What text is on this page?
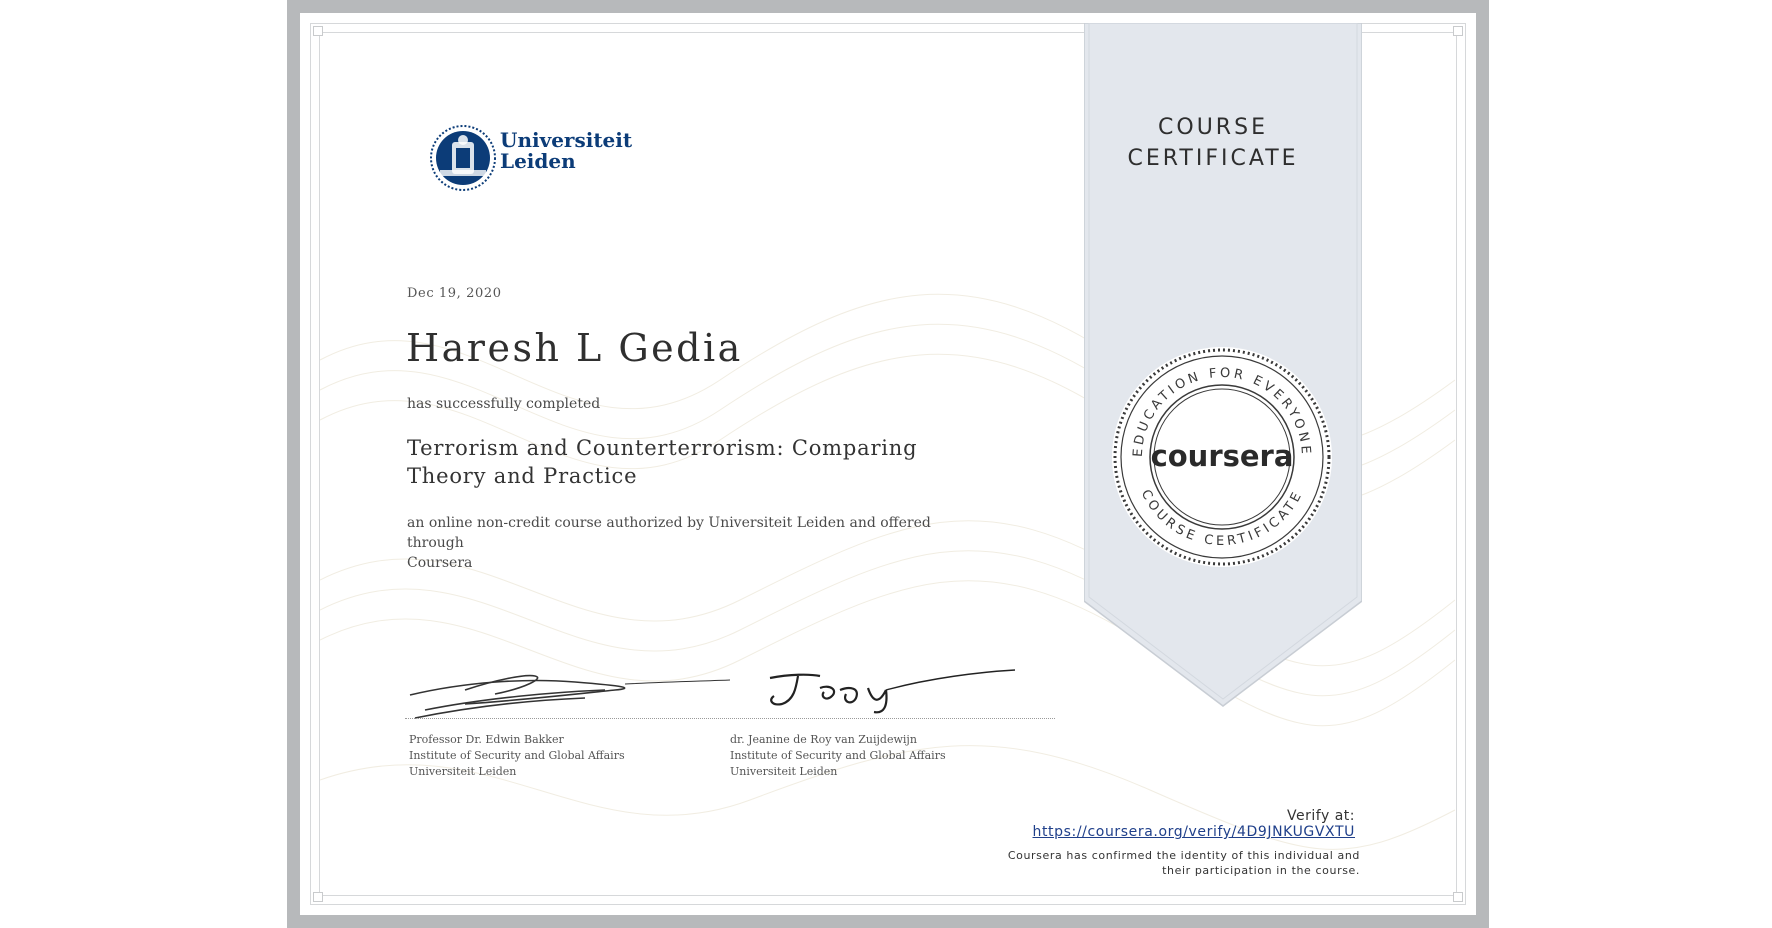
Universiteit
Leiden
Dec 19, 2020
Haresh L Gedia
has successfully completed
Terrorism and Counterterrorism: Comparing
Theory and Practice
an online non-credit course authorized by Universiteit Leiden and offered through
Coursera
Professor Dr. Edwin Bakker
Institute of Security and Global Affairs
Universiteit Leiden
dr. Jeanine de Roy van Zuijdewijn
Institute of Security and Global Affairs
Universiteit Leiden
COURSE
CERTIFICATE
EDUCATION FOR EVERYONE
COURSE CERTIFICATE
coursera
Verify at:
https://coursera.org/verify/4D9JNKUGVXTU
Coursera has confirmed the identity of this individual and
their participation in the course.
